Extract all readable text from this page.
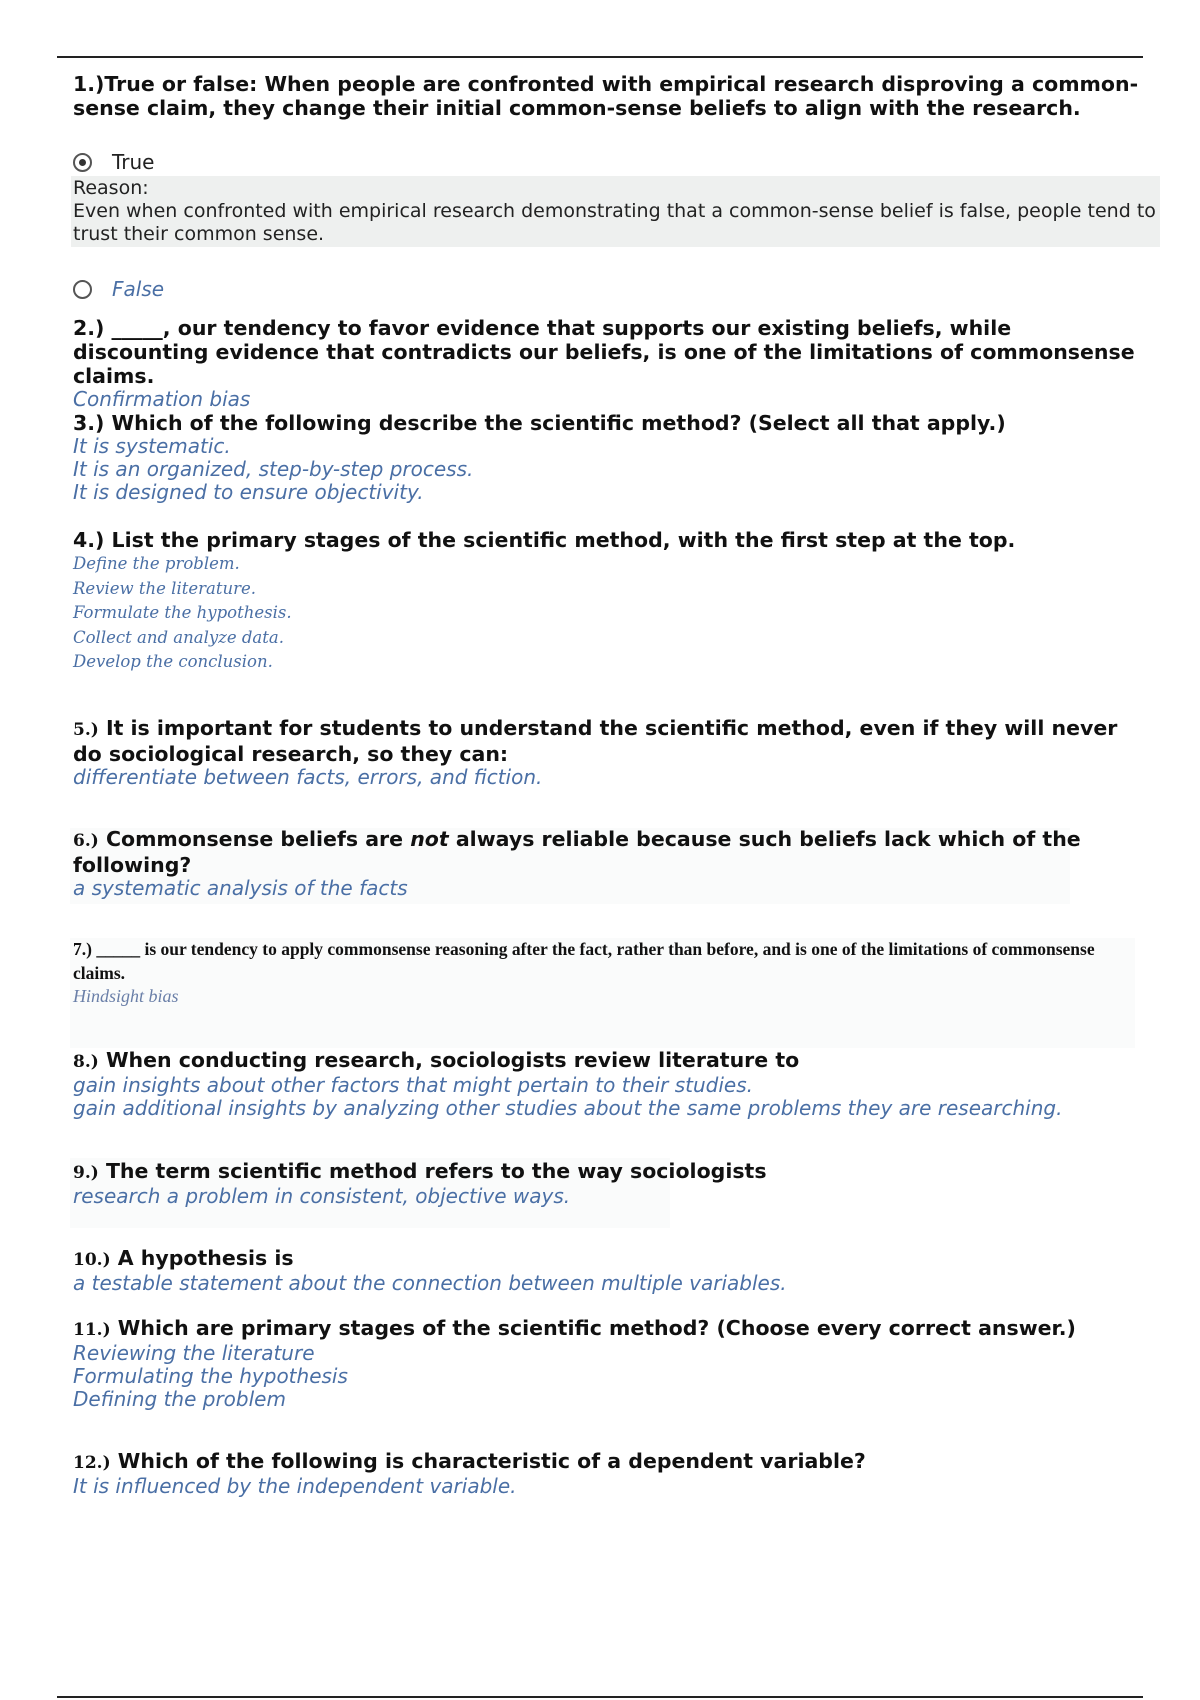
1.)True or false: When people are confronted with empirical research disproving a common-sense claim, they change their initial common-sense beliefs to align with the research.
True
Reason:
Even when confronted with empirical research demonstrating that a common-sense belief is false, people tend to trust their common sense.
False
2.) _____, our tendency to favor evidence that supports our existing beliefs, while discounting evidence that contradicts our beliefs, is one of the limitations of commonsense claims.
Confirmation bias
3.) Which of the following describe the scientific method? (Select all that apply.)
It is systematic.
It is an organized, step-by-step process.
It is designed to ensure objectivity.
4.) List the primary stages of the scientific method, with the first step at the top.
Define the problem.
Review the literature.
Formulate the hypothesis.
Collect and analyze data.
Develop the conclusion.
5.) It is important for students to understand the scientific method, even if they will never do sociological research, so they can:
differentiate between facts, errors, and fiction.
6.) Commonsense beliefs are not always reliable because such beliefs lack which of the following?
a systematic analysis of the facts
7.) _____ is our tendency to apply commonsense reasoning after the fact, rather than before, and is one of the limitations of commonsense claims.
Hindsight bias
8.) When conducting research, sociologists review literature to
gain insights about other factors that might pertain to their studies.
gain additional insights by analyzing other studies about the same problems they are researching.
9.) The term scientific method refers to the way sociologists
research a problem in consistent, objective ways.
10.) A hypothesis is
a testable statement about the connection between multiple variables.
11.) Which are primary stages of the scientific method? (Choose every correct answer.)
Reviewing the literature
Formulating the hypothesis
Defining the problem
12.) Which of the following is characteristic of a dependent variable?
It is influenced by the independent variable.
